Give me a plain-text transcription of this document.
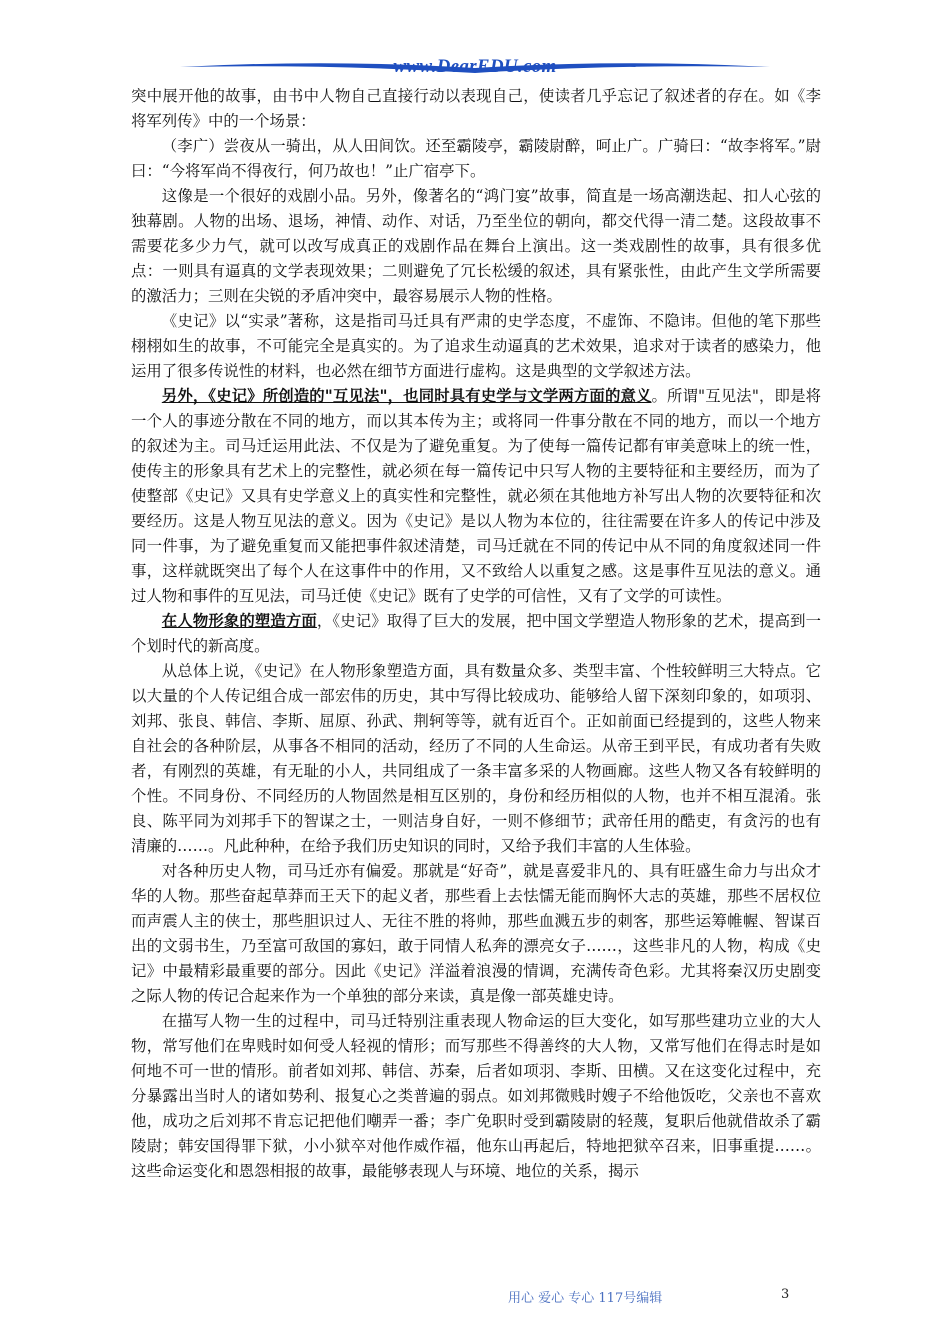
www.DearEDU.com

突中展开他的故事，由书中人物自己直接行动以表现自己，使读者几乎忘记了叙述者的存在。如《李将军列传》中的一个场景：

（李广）尝夜从一骑出，从人田间饮。还至霸陵亭，霸陵尉醉，呵止广。广骑曰：“故李将军。”尉曰：“今将军尚不得夜行，何乃故也！”止广宿亭下。

这像是一个很好的戏剧小品。另外，像著名的“鸿门宴”故事，简直是一场高潮迭起、扣人心弦的独幕剧。人物的出场、退场，神情、动作、对话，乃至坐位的朝向，都交代得一清二楚。这段故事不需要花多少力气，就可以改写成真正的戏剧作品在舞台上演出。这一类戏剧性的故事，具有很多优点：一则具有逼真的文学表现效果；二则避免了冗长松缓的叙述，具有紧张性，由此产生文学所需要的激活力；三则在尖锐的矛盾冲突中，最容易展示人物的性格。

《史记》以“实录”著称，这是指司马迁具有严肃的史学态度，不虚饰、不隐讳。但他的笔下那些栩栩如生的故事，不可能完全是真实的。为了追求生动逼真的艺术效果，追求对于读者的感染力，他运用了很多传说性的材料，也必然在细节方面进行虚构。这是典型的文学叙述方法。

另外，《史记》所创造的"互见法"，也同时具有史学与文学两方面的意义。所谓"互见法"，即是将一个人的事迹分散在不同的地方，而以其本传为主；或将同一件事分散在不同的地方，而以一个地方的叙述为主。司马迁运用此法、不仅是为了避免重复。为了使每一篇传记都有审美意味上的统一性，使传主的形象具有艺术上的完整性，就必须在每一篇传记中只写人物的主要特征和主要经历，而为了使整部《史记》又具有史学意义上的真实性和完整性，就必须在其他地方补写出人物的次要特征和次要经历。这是人物互见法的意义。因为《史记》是以人物为本位的，往往需要在许多人的传记中涉及同一件事，为了避免重复而又能把事件叙述清楚，司马迁就在不同的传记中从不同的角度叙述同一件事，这样就既突出了每个人在这事件中的作用，又不致给人以重复之感。这是事件互见法的意义。通过人物和事件的互见法，司马迁使《史记》既有了史学的可信性，又有了文学的可读性。

在人物形象的塑造方面，《史记》取得了巨大的发展，把中国文学塑造人物形象的艺术，提高到一个划时代的新高度。

从总体上说，《史记》在人物形象塑造方面，具有数量众多、类型丰富、个性较鲜明三大特点。它以大量的个人传记组合成一部宏伟的历史，其中写得比较成功、能够给人留下深刻印象的，如项羽、刘邦、张良、韩信、李斯、屈原、孙武、荆轲等等，就有近百个。正如前面已经提到的，这些人物来自社会的各种阶层，从事各不相同的活动，经历了不同的人生命运。从帝王到平民，有成功者有失败者，有刚烈的英雄，有无耻的小人，共同组成了一条丰富多采的人物画廊。这些人物又各有较鲜明的个性。不同身份、不同经历的人物固然是相互区别的，身份和经历相似的人物，也并不相互混淆。张良、陈平同为刘邦手下的智谋之士，一则洁身自好，一则不修细节；武帝任用的酷吏，有贪污的也有清廉的……。凡此种种，在给予我们历史知识的同时，又给予我们丰富的人生体验。

对各种历史人物，司马迁亦有偏爱。那就是“好奇”，就是喜爱非凡的、具有旺盛生命力与出众才华的人物。那些奋起草莽而王天下的起义者，那些看上去怯懦无能而胸怀大志的英雄，那些不居权位而声震人主的侠士，那些胆识过人、无往不胜的将帅，那些血溅五步的刺客，那些运筹帷幄、智谋百出的文弱书生，乃至富可敌国的寡妇，敢于同情人私奔的漂亮女子……，这些非凡的人物，构成《史记》中最精彩最重要的部分。因此《史记》洋溢着浪漫的情调，充满传奇色彩。尤其将秦汉历史剧变之际人物的传记合起来作为一个单独的部分来读，真是像一部英雄史诗。

在描写人物一生的过程中，司马迁特别注重表现人物命运的巨大变化，如写那些建功立业的大人物，常写他们在卑贱时如何受人轻视的情形；而写那些不得善终的大人物，又常写他们在得志时是如何地不可一世的情形。前者如刘邦、韩信、苏秦，后者如项羽、李斯、田横。又在这变化过程中，充分暴露出当时人的诸如势利、报复心之类普遍的弱点。如刘邦微贱时嫂子不给他饭吃，父亲也不喜欢他，成功之后刘邦不肯忘记把他们嘲弄一番；李广免职时受到霸陵尉的轻蔑，复职后他就借故杀了霸陵尉；韩安国得罪下狱，小小狱卒对他作威作福，他东山再起后，特地把狱卒召来，旧事重提……。这些命运变化和恩怨相报的故事，最能够表现人与环境、地位的关系，揭示

用心 爱心 专心 117号编辑	3
